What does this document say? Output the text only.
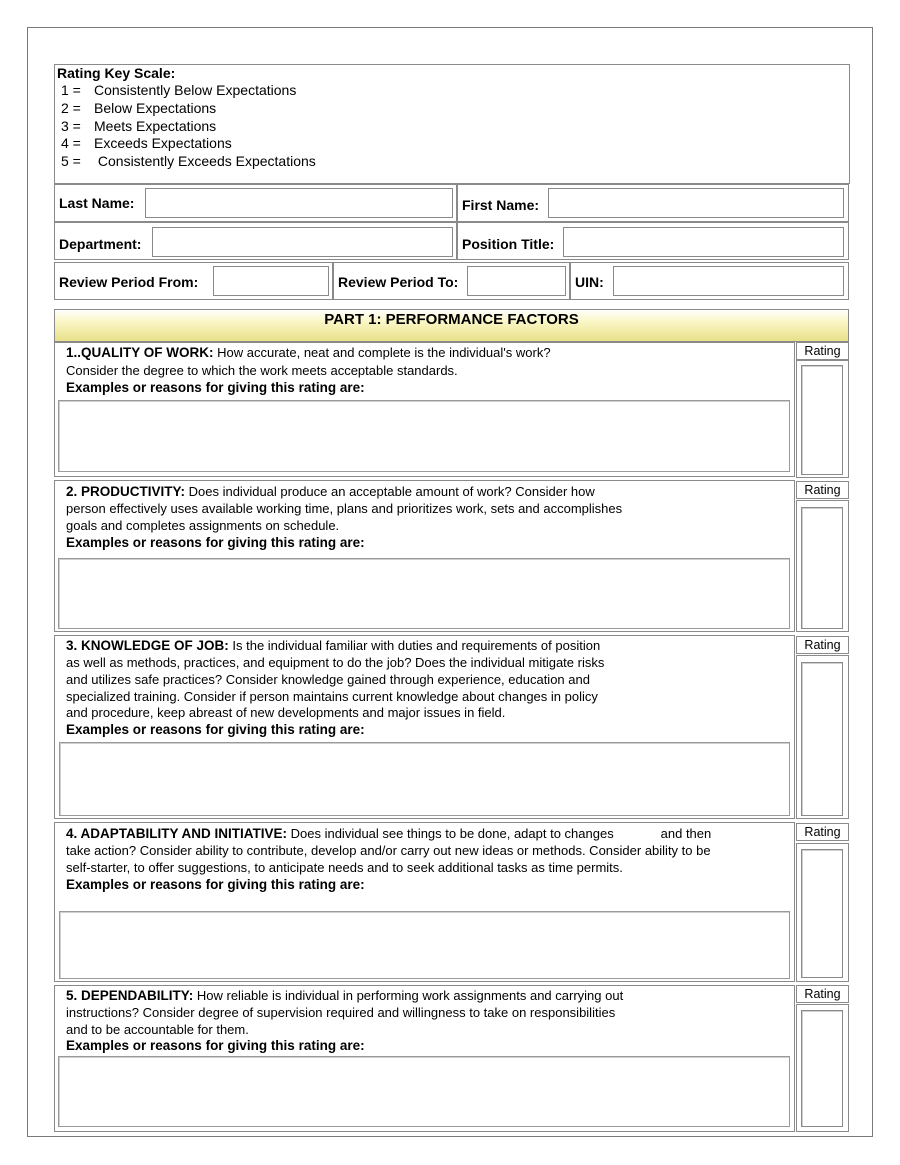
Rating Key Scale:
1 = Consistently Below Expectations
2 = Below Expectations
3 = Meets Expectations
4 = Exceeds Expectations
5 = Consistently Exceeds Expectations
Last Name:	First Name:
Department:	Position Title:
Review Period From:	Review Period To:	UIN:
PART 1: PERFORMANCE FACTORS
1..QUALITY OF WORK: How accurate, neat and complete is the individual's work?
Consider the degree to which the work meets acceptable standards.
Examples or reasons for giving this rating are:
Rating
2. PRODUCTIVITY: Does individual produce an acceptable amount of work? Consider how
person effectively uses available working time, plans and prioritizes work, sets and accomplishes
goals and completes assignments on schedule.
Examples or reasons for giving this rating are:
Rating
3. KNOWLEDGE OF JOB: Is the individual familiar with duties and requirements of position
as well as methods, practices, and equipment to do the job? Does the individual mitigate risks
and utilizes safe practices? Consider knowledge gained through experience, education and
specialized training. Consider if person maintains current knowledge about changes in policy
and procedure, keep abreast of new developments and major issues in field.
Examples or reasons for giving this rating are:
Rating
4. ADAPTABILITY AND INITIATIVE: Does individual see things to be done, adapt to changes             and then
take action? Consider ability to contribute, develop and/or carry out new ideas or methods. Consider ability to be
self-starter, to offer suggestions, to anticipate needs and to seek additional tasks as time permits.
Examples or reasons for giving this rating are:
Rating
5. DEPENDABILITY: How reliable is individual in performing work assignments and carrying out
instructions? Consider degree of supervision required and willingness to take on responsibilities
and to be accountable for them.
Examples or reasons for giving this rating are:
Rating
